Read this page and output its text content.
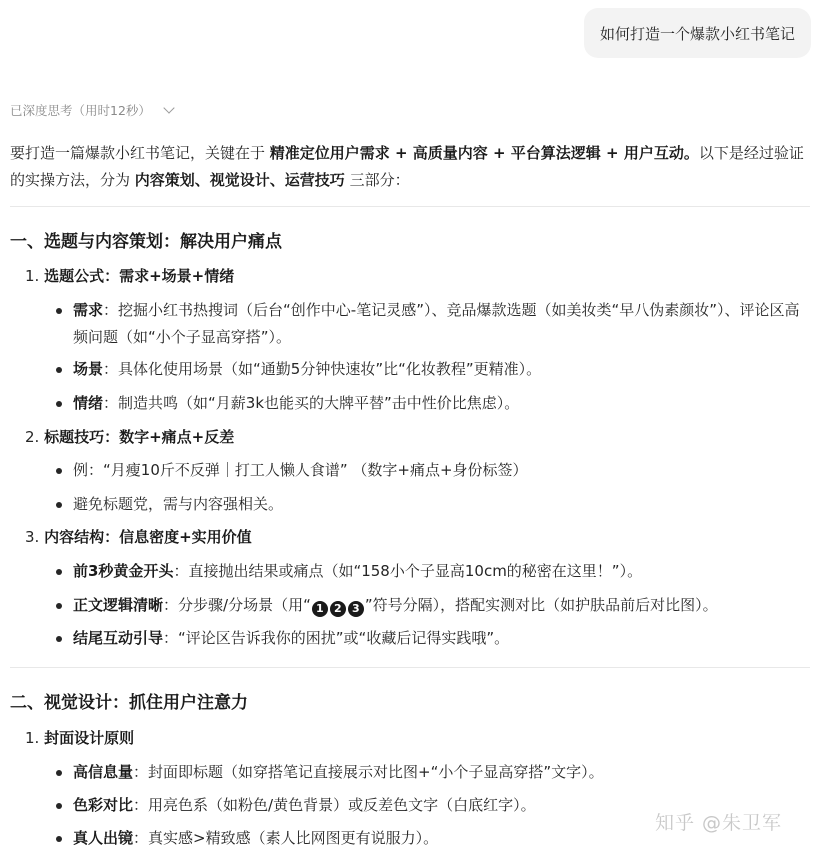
如何打造一个爆款小红书笔记
已深度思考（用时12秒）
要打造一篇爆款小红书笔记，关键在于 精准定位用户需求 + 高质量内容 + 平台算法逻辑 + 用户互动。以下是经过验证的实操方法，分为 内容策划、视觉设计、运营技巧 三部分：
一、选题与内容策划：解决用户痛点
1. 选题公式：需求+场景+情绪
需求：挖掘小红书热搜词（后台“创作中心-笔记灵感”）、竞品爆款选题（如美妆类“早八伪素颜妆”）、评论区高频问题（如“小个子显高穿搭”）。
场景：具体化使用场景（如“通勤5分钟快速妆”比“化妆教程”更精准）。
情绪：制造共鸣（如“月薪3k也能买的大牌平替”击中性价比焦虑）。
2. 标题技巧：数字+痛点+反差
例：“月瘦10斤不反弹｜打工人懒人食谱” （数字+痛点+身份标签）
避免标题党，需与内容强相关。
3. 内容结构：信息密度+实用价值
前3秒黄金开头：直接抛出结果或痛点（如“158小个子显高10cm的秘密在这里！”）。
正文逻辑清晰：分步骤/分场景（用“ 1 2 3 ”符号分隔），搭配实测对比（如护肤品前后对比图）。
结尾互动引导：“评论区告诉我你的困扰”或“收藏后记得实践哦”。
二、视觉设计：抓住用户注意力
1. 封面设计原则
高信息量：封面即标题（如穿搭笔记直接展示对比图+“小个子显高穿搭”文字）。
色彩对比：用亮色系（如粉色/黄色背景）或反差色文字（白底红字）。
真人出镜：真实感>精致感（素人比网图更有说服力）。
知乎 @朱卫军
